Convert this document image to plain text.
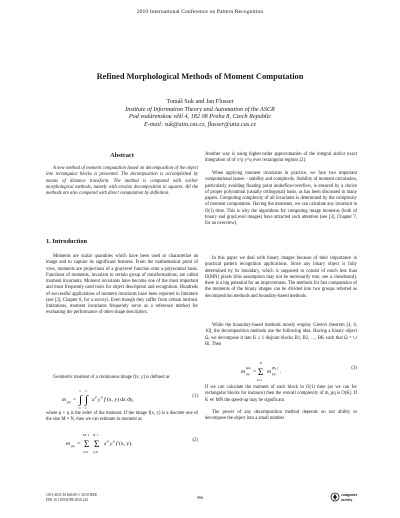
2010 International Conference on Pattern Recognition
Refined Morphological Methods of Moment Computation
Tomáš Suk and Jan Flusser
Institute of Information Theory and Automation of the ASCR
Pod vodárenskou věží 4, 182 08 Praha 8, Czech Republic
E-mail: suk@utia.cas.cz, flusser@utia.cas.cz
Abstract
A new method of moment computation based on decomposition of the object into rectangular blocks is presented. The decomposition is accomplished by means of distance transform. The method is compared with earlier morphological methods, namely with erosion decomposition to squares. All the methods are also compared with direct computation by definition.
1. Introduction
Moments are scalar quantities which have been used to characterize an image and to capture its significant features. From the mathematical point of view, moments are projections of a graylevel function onto a polynomial basis. Functions of moments, invariant to certain group of transformations, are called moment invariants. Moment invariants have become one of the most important and most frequently used tools for object description and recognition. Hundreds of successful applications of moment invariants have been reported in literature (see [3], Chapter 8, for a survey). Even though they suffer from certain intrinsic limitations, moment invariants frequently serve as a reference method for evaluating the performance of other shape descriptors.
Geometric moment of a continuous image f(x, y) is defined as
m pq =
∞
∫
−∞
∞
∫
−∞
x p y q f (x, y) dx dy,
(1)
where p + q is the order of the moment. If the image f(x, y) is a discrete one of the size M × N, then we can estimate in moment as
m pq =
M−1
Σ
x=0
N−1
Σ
y=0
x p y q f (x, y).
(2)
Another way is using higher-order approximation of the integral and/or exact integration of of x^p y^q over rectangular regions [2].
When applying moment invariants in practice, we face two important computational issues – stability and complexity. Stability of moment calculation, particularly avoiding floating point underflow/overflow, is ensured by a choice of proper polynomial (usually orthogonal) basis, as has been discussed in many papers. Computing complexity of all invariants is determined by the complexity of moment computation. Having the moments, we can calculate any invariant in O(1) time. This is why the algorithms for computing image moments (both of binary and grayLevel images) have attracted such attention (see [3], Chapter 7, for an overview).
In this paper we deal with binary images because of their importance in practical pattern recognition applications. Since any binary object is fully determined by its boundary, which is supposed to consist of much less than O(MN) pixels (this assumption may not be necessarily true, see a chessboard), there is a big potential for an improvement. The methods for fast computation of the moments of the binary images can be divided into two groups referred as decomposition methods and boundary-based methods.
While the boundary-based methods mostly employ Green's theorem [4, 6, 10], the decomposition methods use the following idea. Having a binary object Ω, we decompose it into K ≥ 1 disjoint blocks B1, B2, …, BK such that Ω = ∪ Bi. Then
m
(Ω)
pq =
K
Σ
k=1
m
(B k )
pq .
(3)
If we can calculate the moment of each block in O(1) time (as we can for rectangular blocks for instance) then the overall complexity of m_pq is O(K). If K ≪ MN the speed-up may be significant.
The power of any decomposition method depends on our ability to decompose the object into a small number
1051-4651/10 $26.00 © 2010 IEEE
DOI 10.1109/ICPR.2010.242	966
computer
society
